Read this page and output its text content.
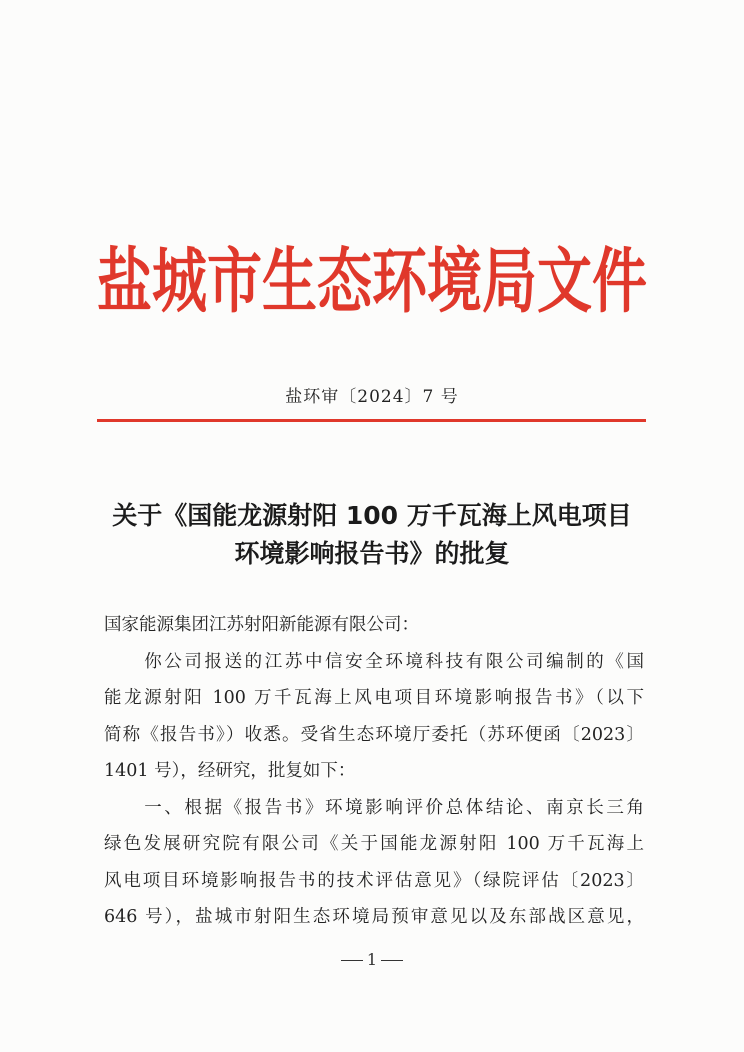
盐城市生态环境局文件
盐环审〔2024〕7 号
关于《国能龙源射阳 100 万千瓦海上风电项目
环境影响报告书》的批复
国家能源集团江苏射阳新能源有限公司：
　　你公司报送的江苏中信安全环境科技有限公司编制的《国
能龙源射阳 100 万千瓦海上风电项目环境影响报告书》（以下
简称《报告书》）收悉。受省生态环境厅委托（苏环便函〔2023〕
1401 号），经研究，批复如下：
　　一、根据《报告书》环境影响评价总体结论、南京长三角
绿色发展研究院有限公司《关于国能龙源射阳 100 万千瓦海上
风电项目环境影响报告书的技术评估意见》（绿院评估〔2023〕
646 号），盐城市射阳生态环境局预审意见以及东部战区意见，
1
